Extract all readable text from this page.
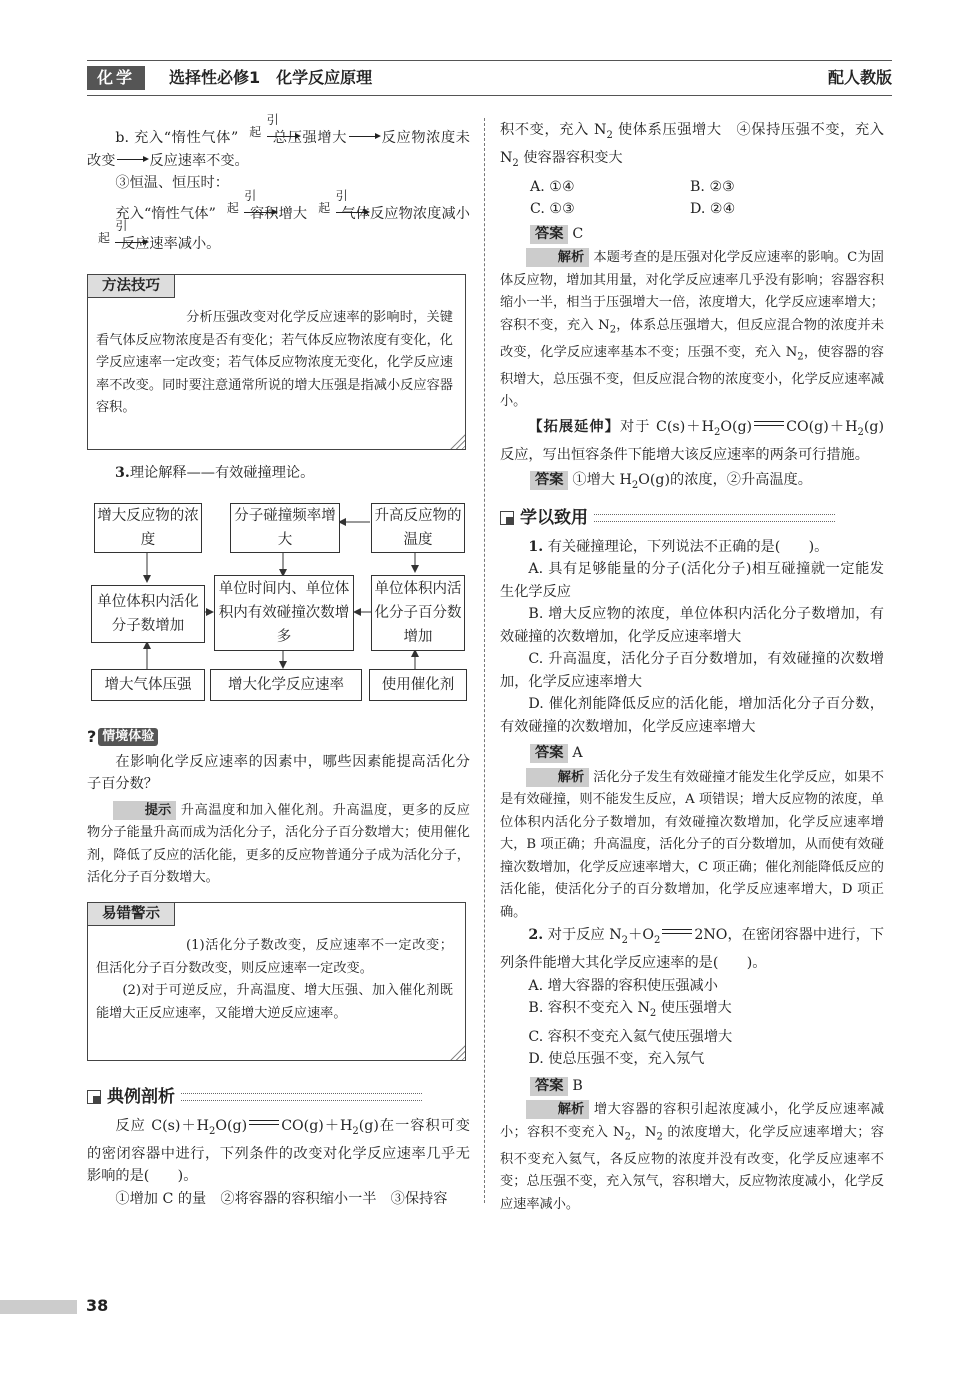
化学	选择性必修1　化学反应原理	配人教版

b. 充入“惰性气体”
引起 总压强增大 反应物浓度未改变 反应速率不变。

③恒温、恒压时：

充入“惰性气体”
引起 容积增大
引起 气体反应物浓度减小
引起 反应速率减小。

方法技巧
分析压强改变对化学反应速率的影响时，关键看气体反应物浓度是否有变化；若气体反应物浓度有变化，化学反应速率一定改变；若气体反应物浓度无变化，化学反应速率不改变。同时要注意通常所说的增大压强是指减小反应容器容积。

3.理论解释——有效碰撞理论。

增大反应物的浓度
分子碰撞频率增大
升高反应物的温度
单位体积内活化分子数增加
单位时间内、单位体积内有效碰撞次数增多
单位体积内活化分子百分数增加
增大气体压强	增大化学反应速率	使用催化剂
? 情境体验

在影响化学反应速率的因素中，哪些因素能提高活化分子百分数？

提示 升高温度和加入催化剂。升高温度，更多的反应物分子能量升高而成为活化分子，活化分子百分数增大；使用催化剂，降低了反应的活化能，更多的反应物普通分子成为活化分子，活化分子百分数增大。

易错警示

(1)活化分子数改变，反应速率不一定改变；但活化分子百分数改变，则反应速率一定改变。

(2)对于可逆反应，升高温度、增大压强、加入催化剂既能增大正反应速率，又能增大逆反应速率。

典例剖析

反应 $C(s)+H_2O(g)$ $CO(g)+H_2(g)$在一容积可变的密闭容器中进行，下列条件的改变对化学反应速率几乎无影响的是(　　)。

①增加 C 的量　②将容器的容积缩小一半　③保持容

积不变，充入 $N_2$ 使体系压强增大　④保持压强不变，充入 $N_2$ 使容器容积变大

A. ①④	B. ②③
C. ①③	D. ②④

答案 C

解析 本题考查的是压强对化学反应速率的影响。C为固体反应物，增加其用量，对化学反应速率几乎没有影响；容器容积缩小一半，相当于压强增大一倍，浓度增大，化学反应速率增大；容积不变，充入 $N_2$，体系总压强增大，但反应混合物的浓度并未改变，化学反应速率基本不变；压强不变，充入 $N_2$，使容器的容积增大，总压强不变，但反应混合物的浓度变小，化学反应速率减小。

【拓展延伸】对于 $C(s)+H_2O(g)$ $CO(g)+H_2(g)$反应，写出恒容条件下能增大该反应速率的两条可行措施。

答案 ①增大 $H_2O(g)$的浓度，②升高温度。

学以致用

1. 有关碰撞理论，下列说法不正确的是(　　)。

A. 具有足够能量的分子(活化分子)相互碰撞就一定能发生化学反应

B. 增大反应物的浓度，单位体积内活化分子数增加，有效碰撞的次数增加，化学反应速率增大

C. 升高温度，活化分子百分数增加，有效碰撞的次数增加，化学反应速率增大

D. 催化剂能降低反应的活化能，增加活化分子百分数，有效碰撞的次数增加，化学反应速率增大

答案 A

解析 活化分子发生有效碰撞才能发生化学反应，如果不是有效碰撞，则不能发生反应，A 项错误；增大反应物的浓度，单位体积内活化分子数增加，有效碰撞次数增加，化学反应速率增大，B 项正确；升高温度，活化分子的百分数增加，从而使有效碰撞次数增加，化学反应速率增大，C 项正确；催化剂能降低反应的活化能，使活化分子的百分数增加，化学反应速率增大，D 项正确。

2. 对于反应 $N_2+O_2$ 2NO，在密闭容器中进行，下列条件能增大其化学反应速率的是(　　)。

A. 增大容器的容积使压强减小

B. 容积不变充入 $N_2$ 使压强增大

C. 容积不变充入氦气使压强增大

D. 使总压强不变，充入氖气

答案 B

解析 增大容器的容积引起浓度减小，化学反应速率减小；容积不变充入 $N_2$，$N_2$ 的浓度增大，化学反应速率增大；容积不变充入氦气，各反应物的浓度并没有改变，化学反应速率不变；总压强不变，充入氖气，容积增大，反应物浓度减小，化学反应速率减小。

38
